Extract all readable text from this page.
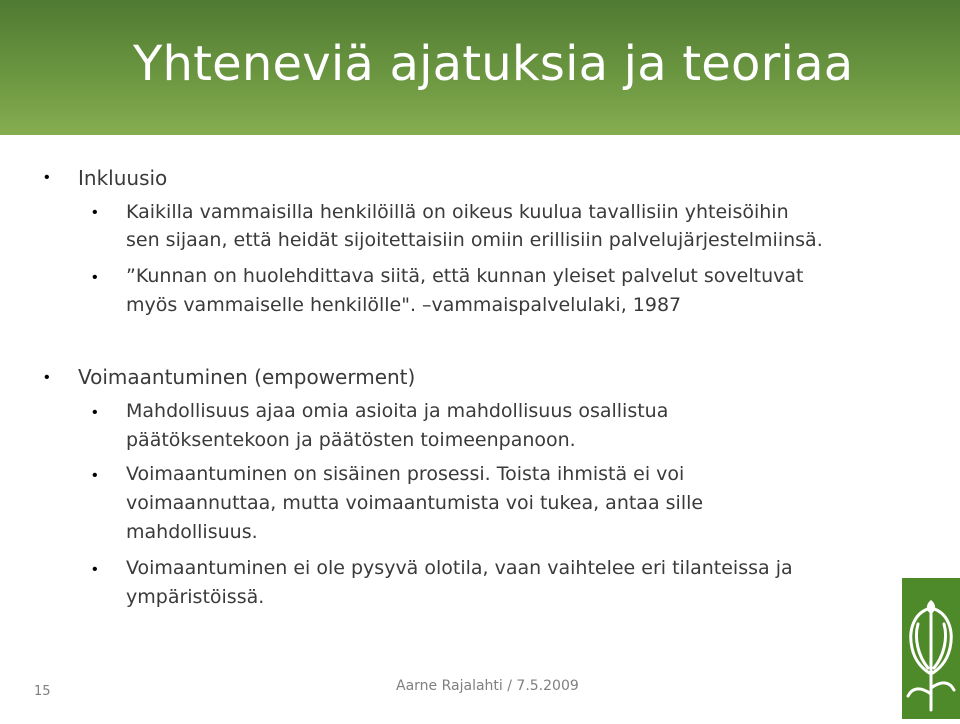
Yhteneviä ajatuksia ja teoriaa
• Inkluusio
• Kaikilla vammaisilla henkilöillä on oikeus kuulua tavallisiin yhteisöihin
sen sijaan, että heidät sijoitettaisiin omiin erillisiin palvelujärjestelmiinsä.
• ”Kunnan on huolehdittava siitä, että kunnan yleiset palvelut soveltuvat
myös vammaiselle henkilölle". –vammaispalvelulaki, 1987
• Voimaantuminen (empowerment)
• Mahdollisuus ajaa omia asioita ja mahdollisuus osallistua
päätöksentekoon ja päätösten toimeenpanoon.
• Voimaantuminen on sisäinen prosessi. Toista ihmistä ei voi
voimaannuttaa, mutta voimaantumista voi tukea, antaa sille
mahdollisuus.
• Voimaantuminen ei ole pysyvä olotila, vaan vaihtelee eri tilanteissa ja
ympäristöissä.
15	Aarne Rajalahti / 7.5.2009
